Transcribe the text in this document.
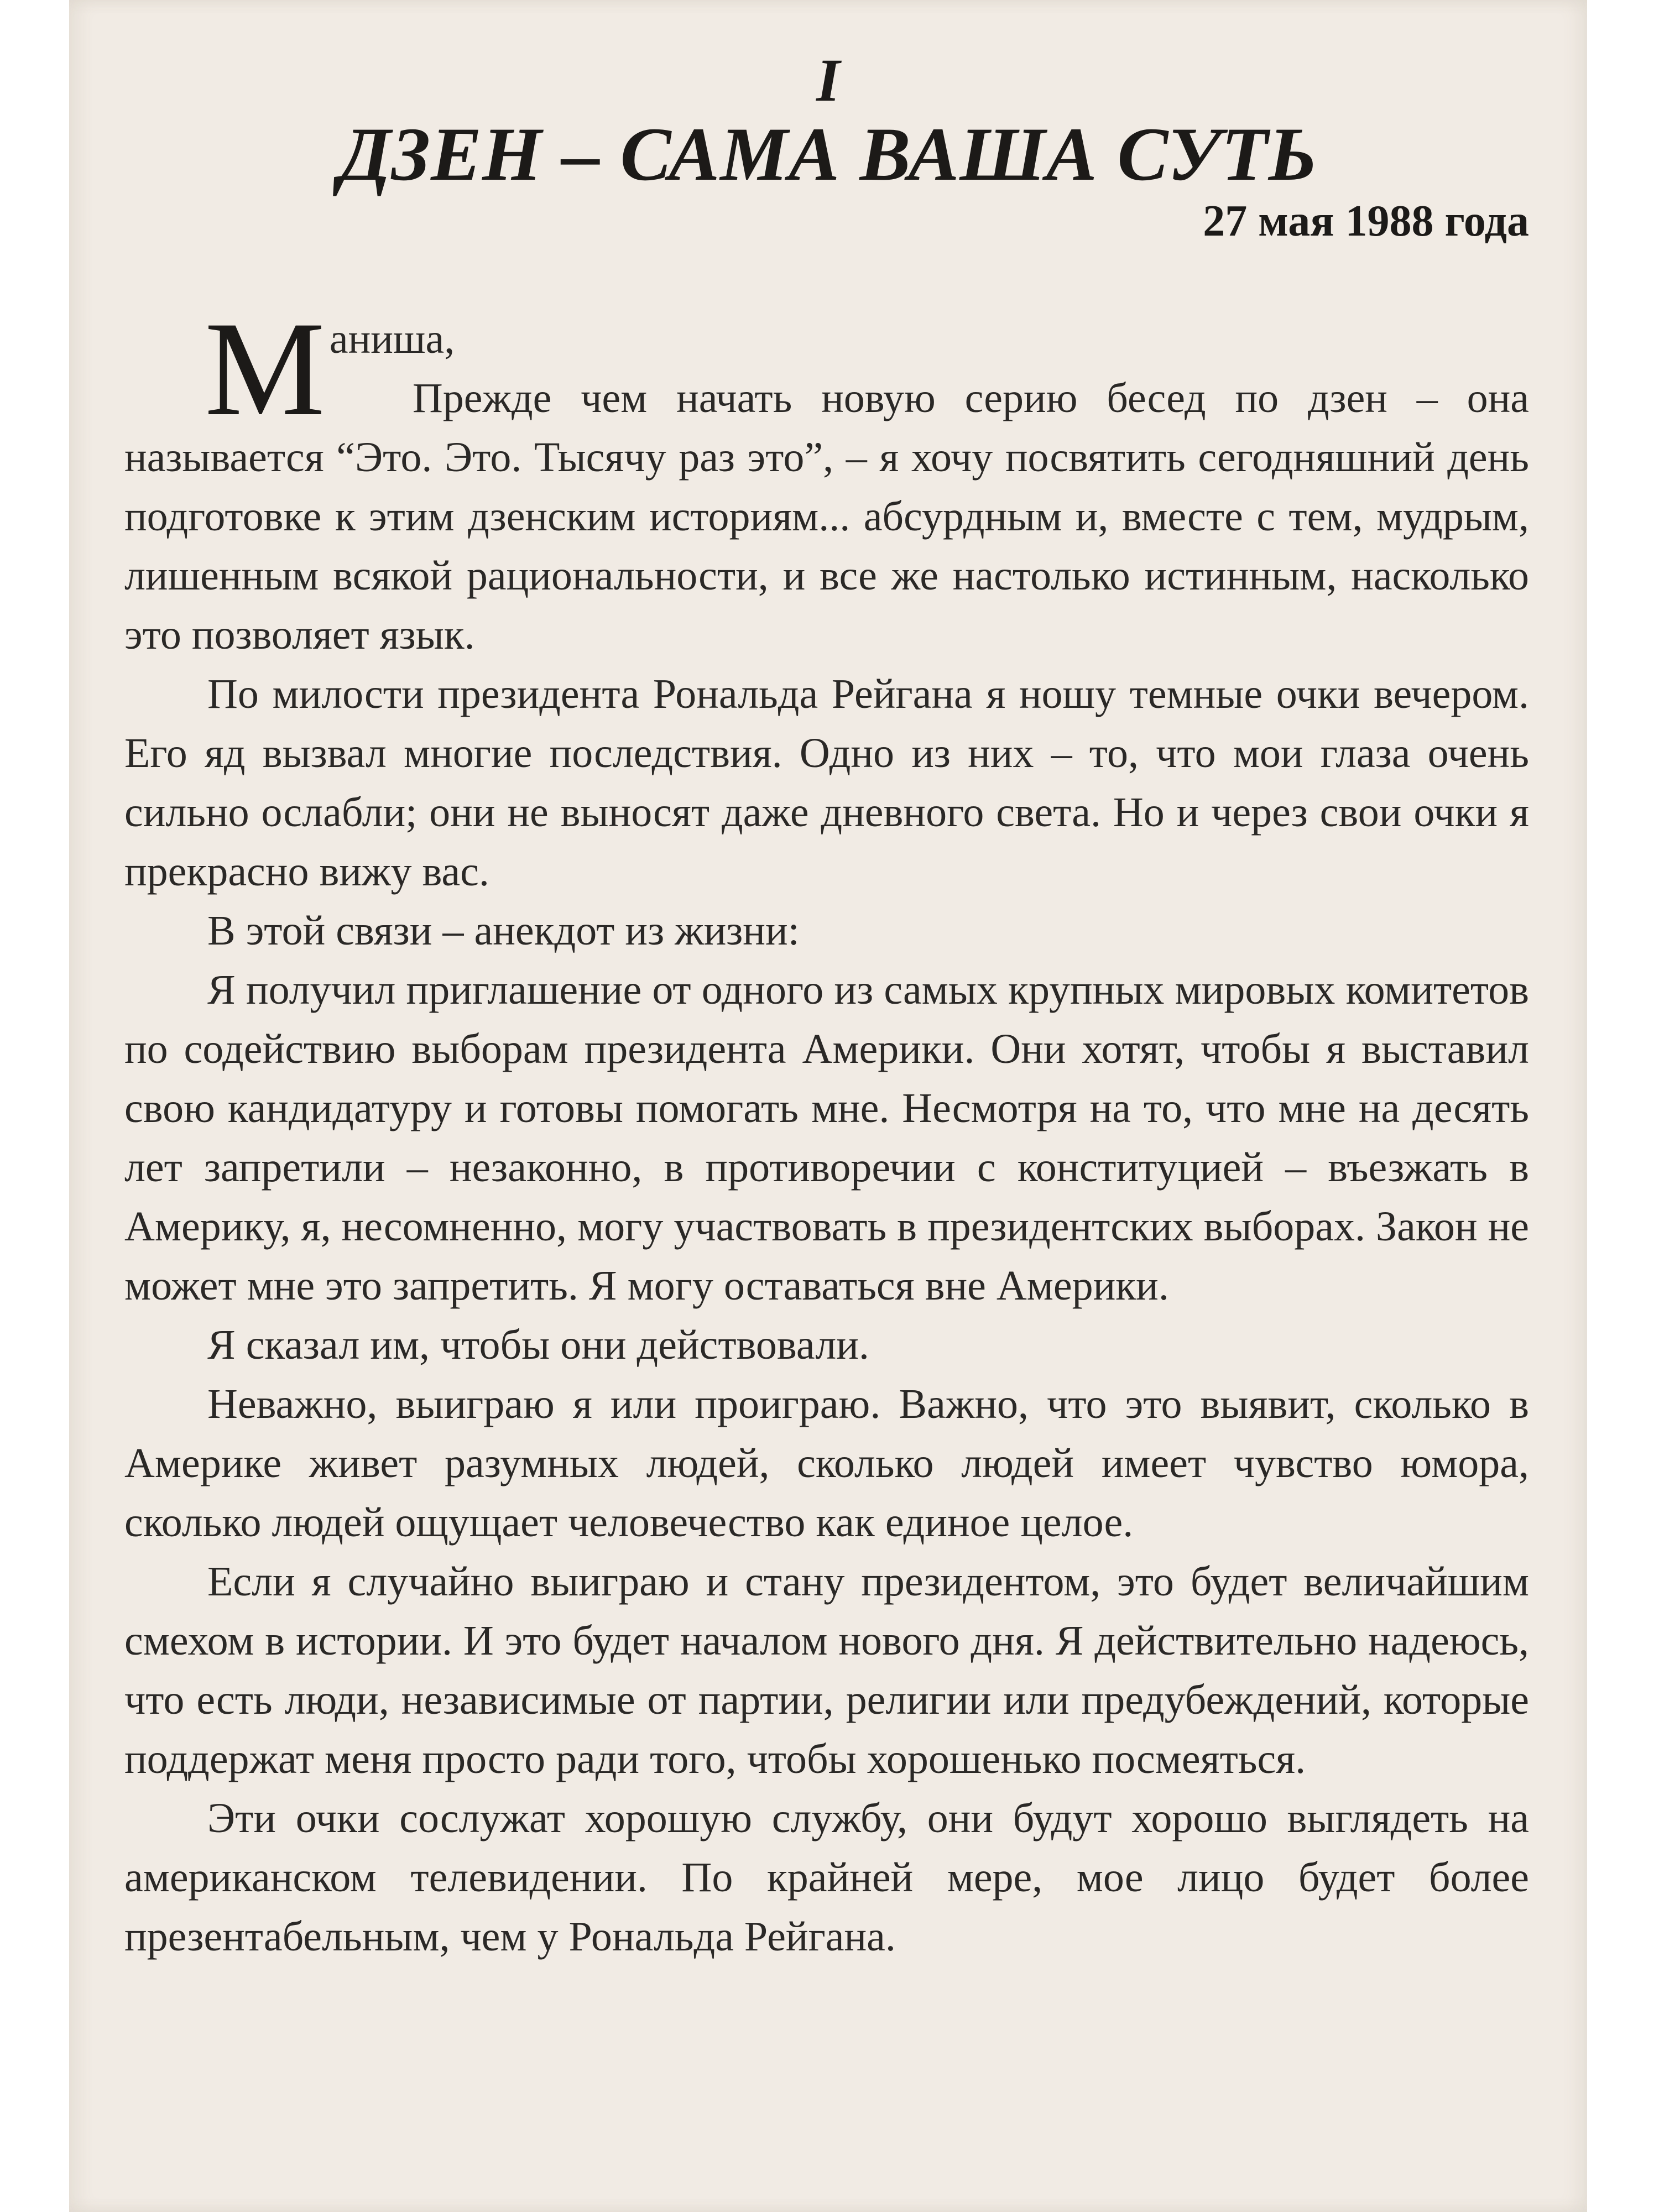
I
ДЗЕН – САМА ВАША СУТЬ
27 мая 1988 года

Маниша,

Прежде чем начать новую серию бесед по дзен – она называется “Это. Это. Тысячу раз это”, – я хочу посвятить сегодняшний день подготовке к этим дзенским историям... абсурдным и, вместе с тем, мудрым, лишенным всякой рациональности, и все же настолько истинным, насколько это позволяет язык.

По милости президента Рональда Рейгана я ношу темные очки вечером. Его яд вызвал многие последствия. Одно из них – то, что мои глаза очень сильно ослабли; они не выносят даже дневного света. Но и через свои очки я прекрасно вижу вас.

В этой связи – анекдот из жизни:

Я получил приглашение от одного из самых крупных мировых комитетов по содействию выборам президента Америки. Они хотят, чтобы я выставил свою кандидатуру и готовы помогать мне. Несмотря на то, что мне на десять лет запретили – незаконно, в противоречии с конституцией – въезжать в Америку, я, несомненно, могу участвовать в президентских выборах. Закон не может мне это запретить. Я могу оставаться вне Америки.

Я сказал им, чтобы они действовали.

Неважно, выиграю я или проиграю. Важно, что это выявит, сколько в Америке живет разумных людей, сколько людей имеет чувство юмора, сколько людей ощущает человечество как единое целое.

Если я случайно выиграю и стану президентом, это будет величайшим смехом в истории. И это будет началом нового дня. Я действительно надеюсь, что есть люди, независимые от партии, религии или предубеждений, которые поддержат меня просто ради того, чтобы хорошенько посмеяться.

Эти очки сослужат хорошую службу, они будут хорошо выглядеть на американском телевидении. По крайней мере, мое лицо будет более презентабельным, чем у Рональда Рейгана.
